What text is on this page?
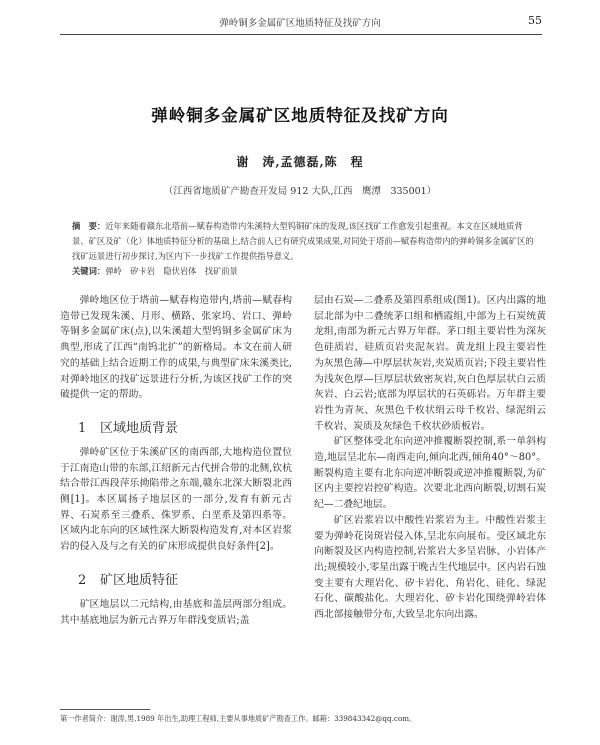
弹岭铜多金属矿区地质特征及找矿方向	55
弹岭铜多金属矿区地质特征及找矿方向
谢　涛,孟德磊,陈　程
（江西省地质矿产勘查开发局 912 大队,江西　鹰潭　335001）
摘　要：近年来随着赣东北塔前—赋春构造带内朱溪特大型钨铜矿床的发现,该区找矿工作愈发引起重视。本文在区域地质背景、矿区及矿（化）体地质特征分析的基础上,结合前人已有研究成果成果,对同处于塔前—赋春构造带内的弹岭铜多金属矿区的找矿远景进行初步探讨,为区内下一步找矿工作提供指导意义。
关键词：弹岭　矽卡岩　隐伏岩体　找矿前景

弹岭地区位于塔前—赋春构造带内,塔前—赋春构造带已发现朱溪、月形、横路、张家坞、岩口、弹岭等铜多金属矿床(点),以朱溪超大型钨铜多金属矿床为典型,形成了江西“南钨北扩”的新格局。本文在前人研究的基础上结合近期工作的成果,与典型矿床朱溪类比,对弹岭地区的找矿远景进行分析,为该区找矿工作的突破提供一定的帮助。

1 区域地质背景

弹岭矿区位于朱溪矿区的南西部,大地构造位置位于江南造山带的东部,江绍新元古代拼合带的北侧,钦杭结合带江西段萍乐拗陷带之东端,赣东北深大断裂北西侧[1]。本区属扬子地层区的一部分,发育有新元古界、石炭系至三叠系、侏罗系、白垩系及第四系等。区域内北东向的区域性深大断裂构造发育,对本区岩浆岩的侵入及与之有关的矿床形成提供良好条件[2]。

2 矿区地质特征

矿区地层以二元结构,由基底和盖层两部分组成。其中基底地层为新元古界万年群浅变质岩;盖

层由石炭—二叠系及第四系组成(图1)。区内出露的地层北部为中二叠统茅口组和栖霞组,中部为上石炭统黄龙组,南部为新元古界万年群。茅口组主要岩性为深灰色硅质岩、硅质页岩夹泥灰岩。黄龙组上段主要岩性为灰黑色薄—中厚层状灰岩,夹炭质页岩;下段主要岩性为浅灰色厚—巨厚层状致密灰岩,灰白色厚层状白云质灰岩、白云岩;底部为厚层状的石英砾岩。万年群主要岩性为青灰、灰黑色千枚状绢云母千枚岩、绿泥绢云千枚岩、炭质及灰绿色千枚状砂质板岩。

矿区整体受北东向逆冲推覆断裂控制,系一单斜构造,地层呈北东—南西走向,倾向北西,倾角40°～80°。断裂构造主要有北东向逆冲断裂或逆冲推覆断裂,为矿区内主要控岩控矿构造。次要北北西向断裂,切割石炭纪—二叠纪地层。

矿区岩浆岩以中酸性岩浆岩为主。中酸性岩浆主要为弹岭花岗斑岩侵入体,呈北东向展布。受区域北东向断裂及区内构造控制,岩浆岩大多呈岩脉、小岩体产出;规模较小,零星出露于晚古生代地层中。区内岩石蚀变主要有大理岩化、矽卡岩化、角岩化、硅化、绿泥石化、碳酸盐化。大理岩化、矽卡岩化围绕弹岭岩体西北部接触带分布,大致呈北东向出露。

第一作者简介：谢涛,男,1989 年出生,助理工程师,主要从事地质矿产勘查工作。邮箱：339843342@qq.com。
